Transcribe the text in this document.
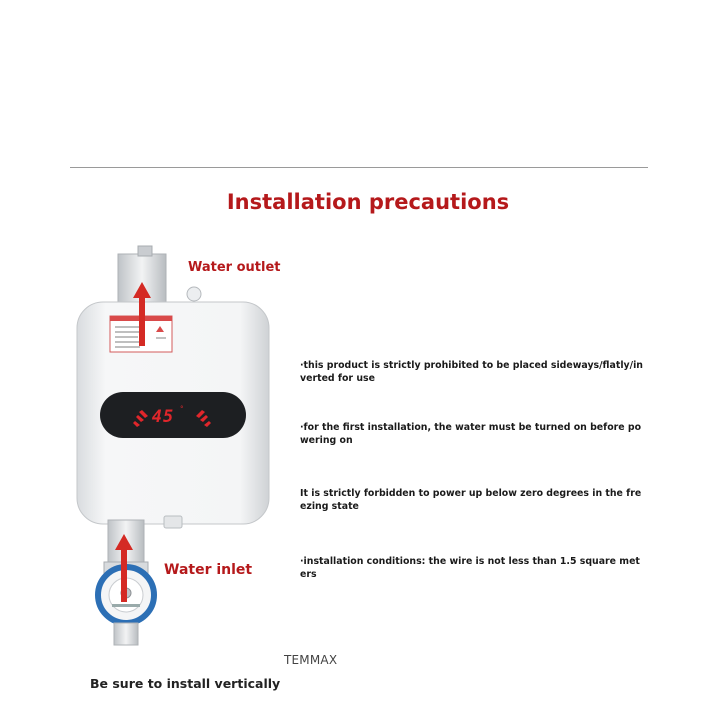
Installation precautions
45 °
Water outlet
Water inlet
·this product is strictly prohibited to be placed sideways/flatly/inverted for use
·for the first installation, the water must be turned on before powering on
It is strictly forbidden to power up below zero degrees in the freezing state
·installation conditions: the wire is not less than 1.5 square meters
TEMMAX
Be sure to install vertically
